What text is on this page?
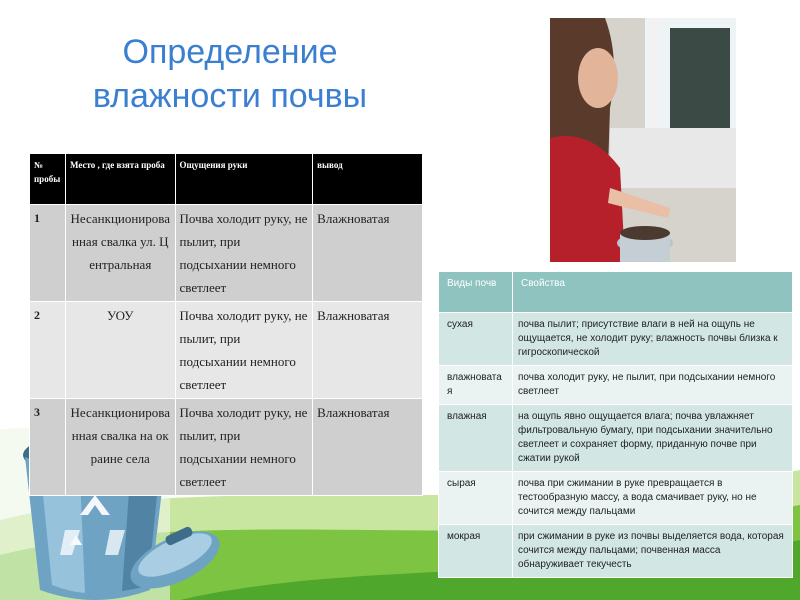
Определение влажности почвы
№ пробы	Место , где взята проба	Ощущения руки	вывод
1	Несанкционированная свалка ул. Центральная	Почва холодит руку, не пылит, при подсыхании немного светлеет	Влажноватая
2	УОУ	Почва холодит руку, не пылит, при подсыхании немного светлеет	Влажноватая
3	Несанкционированная свалка на окраине села	Почва холодит руку, не пылит, при подсыхании немного светлеет	Влажноватая
Виды почв	Свойства
сухая	почва пылит; присутствие влаги в ней на ощупь не ощущается, не холодит руку; влажность почвы близка к гигроскопической
влажноватая	почва холодит руку, не пылит, при подсыхании немного светлеет
влажная	на ощупь явно ощущается влага; почва увлажняет фильтровальную бумагу, при подсыхании значительно светлеет и сохраняет форму, приданную почве при сжатии рукой
сырая	почва при сжимании в руке превращается в тестообразную массу, а вода смачивает руку, но не сочится между пальцами
мокрая	при сжимании в руке из почвы выделяется вода, которая сочится между пальцами; почвенная масса обнаруживает текучесть
